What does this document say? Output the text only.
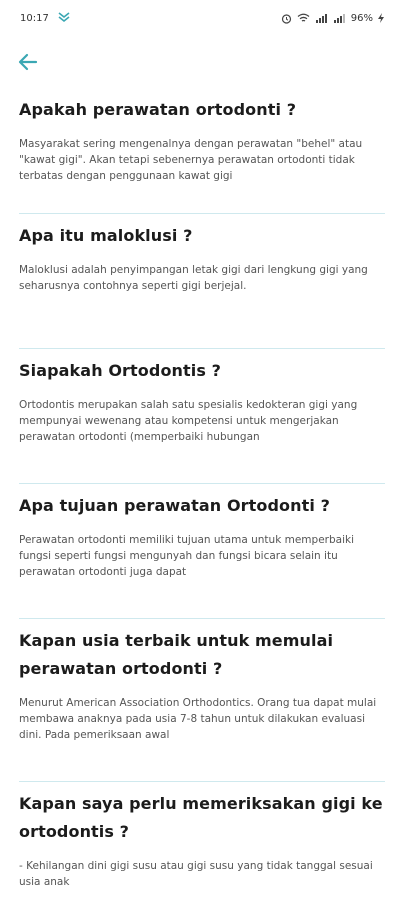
10:17	96%
Apakah perawatan ortodonti ?
Masyarakat sering mengenalnya dengan perawatan "behel" atau "kawat gigi". Akan tetapi sebenernya perawatan ortodonti tidak terbatas dengan penggunaan kawat gigi
Apa itu maloklusi ?
Maloklusi adalah penyimpangan letak gigi dari lengkung gigi yang seharusnya contohnya seperti gigi berjejal.
Siapakah Ortodontis ?
Ortodontis merupakan salah satu spesialis kedokteran gigi yang mempunyai wewenang atau kompetensi untuk mengerjakan perawatan ortodonti (memperbaiki hubungan
Apa tujuan perawatan Ortodonti ?
Perawatan ortodonti memiliki tujuan utama untuk memperbaiki fungsi seperti fungsi mengunyah dan fungsi bicara selain itu perawatan ortodonti juga dapat
Kapan usia terbaik untuk memulai perawatan ortodonti ?
Menurut American Association Orthodontics. Orang tua dapat mulai membawa anaknya pada usia 7-8 tahun untuk dilakukan evaluasi dini. Pada pemeriksaan awal
Kapan saya perlu memeriksakan gigi ke ortodontis ?
- Kehilangan dini gigi susu atau gigi susu yang tidak tanggal sesuai usia anak
